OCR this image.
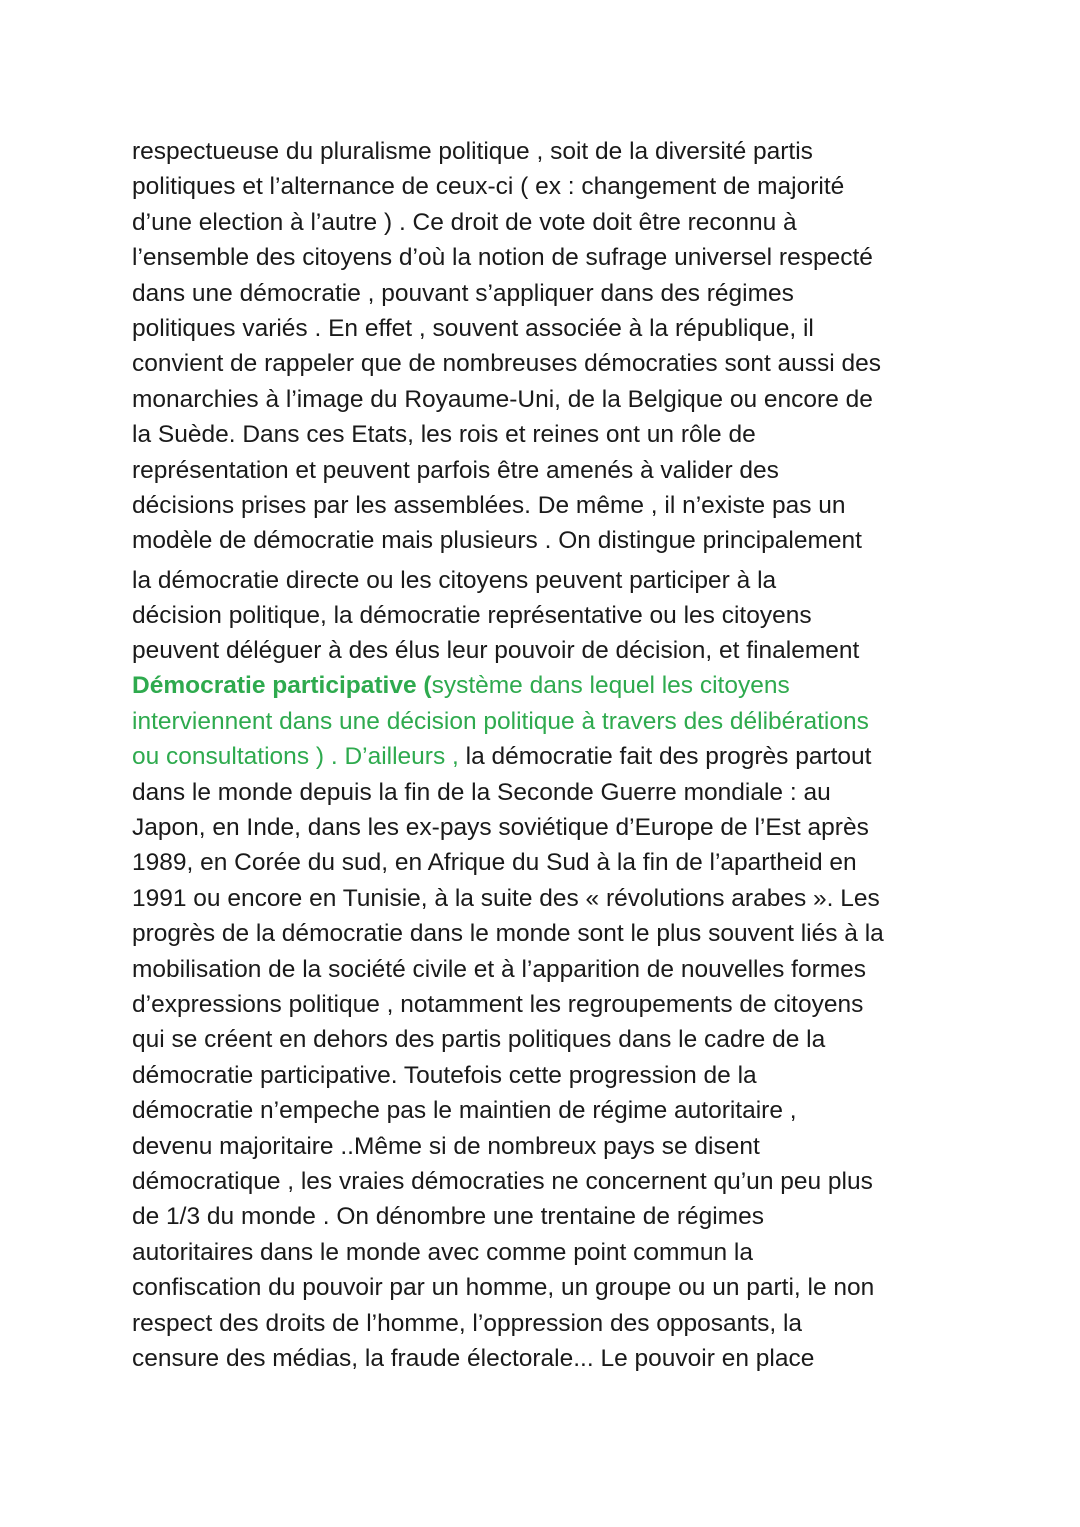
respectueuse du pluralisme politique , soit de la diversité partis
politiques et l’alternance de ceux-ci ( ex : changement de majorité
d’une election à l’autre ) . Ce droit de vote doit être reconnu à
l’ensemble des citoyens d’où la notion de sufrage universel respecté
dans une démocratie , pouvant s’appliquer dans des régimes
politiques variés . En effet , souvent associée à la république, il
convient de rappeler que de nombreuses démocraties sont aussi des
monarchies à l’image du Royaume-Uni, de la Belgique ou encore de
la Suède. Dans ces Etats, les rois et reines ont un rôle de
représentation et peuvent parfois être amenés à valider des
décisions prises par les assemblées. De même , il n’existe pas un
modèle de démocratie mais plusieurs . On distingue principalement
la démocratie directe ou les citoyens peuvent participer à la
décision politique, la démocratie représentative ou les citoyens
peuvent déléguer à des élus leur pouvoir de décision, et finalement
Démocratie participative (système dans lequel les citoyens
interviennent dans une décision politique à travers des délibérations
ou consultations ) . D’ailleurs , la démocratie fait des progrès partout
dans le monde depuis la fin de la Seconde Guerre mondiale : au
Japon, en Inde, dans les ex-pays soviétique d’Europe de l’Est après
1989, en Corée du sud, en Afrique du Sud à la fin de l’apartheid en
1991 ou encore en Tunisie, à la suite des « révolutions arabes ». Les
progrès de la démocratie dans le monde sont le plus souvent liés à la
mobilisation de la société civile et à l’apparition de nouvelles formes
d’expressions politique , notamment les regroupements de citoyens
qui se créent en dehors des partis politiques dans le cadre de la
démocratie participative. Toutefois cette progression de la
démocratie n’empeche pas le maintien de régime autoritaire ,
devenu majoritaire ..Même si de nombreux pays se disent
démocratique , les vraies démocraties ne concernent qu’un peu plus
de 1/3 du monde . On dénombre une trentaine de régimes
autoritaires dans le monde avec comme point commun la
confiscation du pouvoir par un homme, un groupe ou un parti, le non
respect des droits de l’homme, l’oppression des opposants, la
censure des médias, la fraude électorale... Le pouvoir en place
